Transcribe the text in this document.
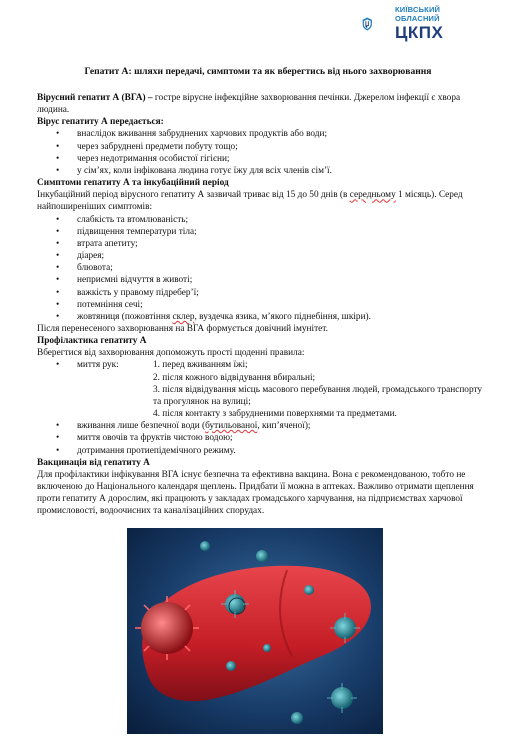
КИЇВСЬКИЙ
ОБЛАСНИЙ
ЦКПХ
Гепатит А: шляхи передачі, симптоми та як вберегтись від нього захворювання

Вірусний гепатит А (ВГА) – гостре вірусне інфекційне захворювання печінки. Джерелом інфекції є хвора людина.

Вірус гепатиту А передається:

• внаслідок вживання забруднених харчових продуктів або води;
• через забруднені предмети побуту тощо;
• через недотримання особистої гігієни;
• у сім’ях, коли інфікована людина готує їжу для всіх членів сім’ї.

Симптоми гепатиту А та інкубаційний період

Інкубаційний період вірусного гепатиту А зазвичай триває від 15 до 50 днів (в середньому 1 місяць). Серед найпоширеніших симптомів:

• слабкість та втомлюваність;
• підвищення температури тіла;
• втрата апетиту;
• діарея;
• блювота;
• неприємні відчуття в животі;
• важкість у правому підребер’ї;
• потемніння сечі;
• жовтяниця (пожовтіння склер, вуздечка язика, м’якого піднебіння, шкіри).

Після перенесеного захворювання на ВГА формується довічний імунітет.

Профілактика гепатиту А

Вберегтися від захворювання допоможуть прості щоденні правила:

• миття рук:	1. перед вживанням їжі;
2. після кожного відвідування вбиральні;
3. після відвідування місць масового перебування людей, громадського транспорту та прогулянок на вулиці;
4. після контакту з забрудненими поверхнями та предметами.
• вживання лише безпечної води (бутильованої, кип’яченої);
• миття овочів та фруктів чистою водою;
• дотримання протиепідемічного режиму.

Вакцинація від гепатиту А

Для профілактики інфікування ВГА існує безпечна та ефективна вакцина. Вона є рекомендованою, тобто не включеною до Національного календаря щеплень. Придбати її можна в аптеках. Важливо отримати щеплення проти гепатиту А дорослим, які працюють у закладах громадського харчування, на підприємствах харчової промисловості, водоочисних та каналізаційних спорудах.
